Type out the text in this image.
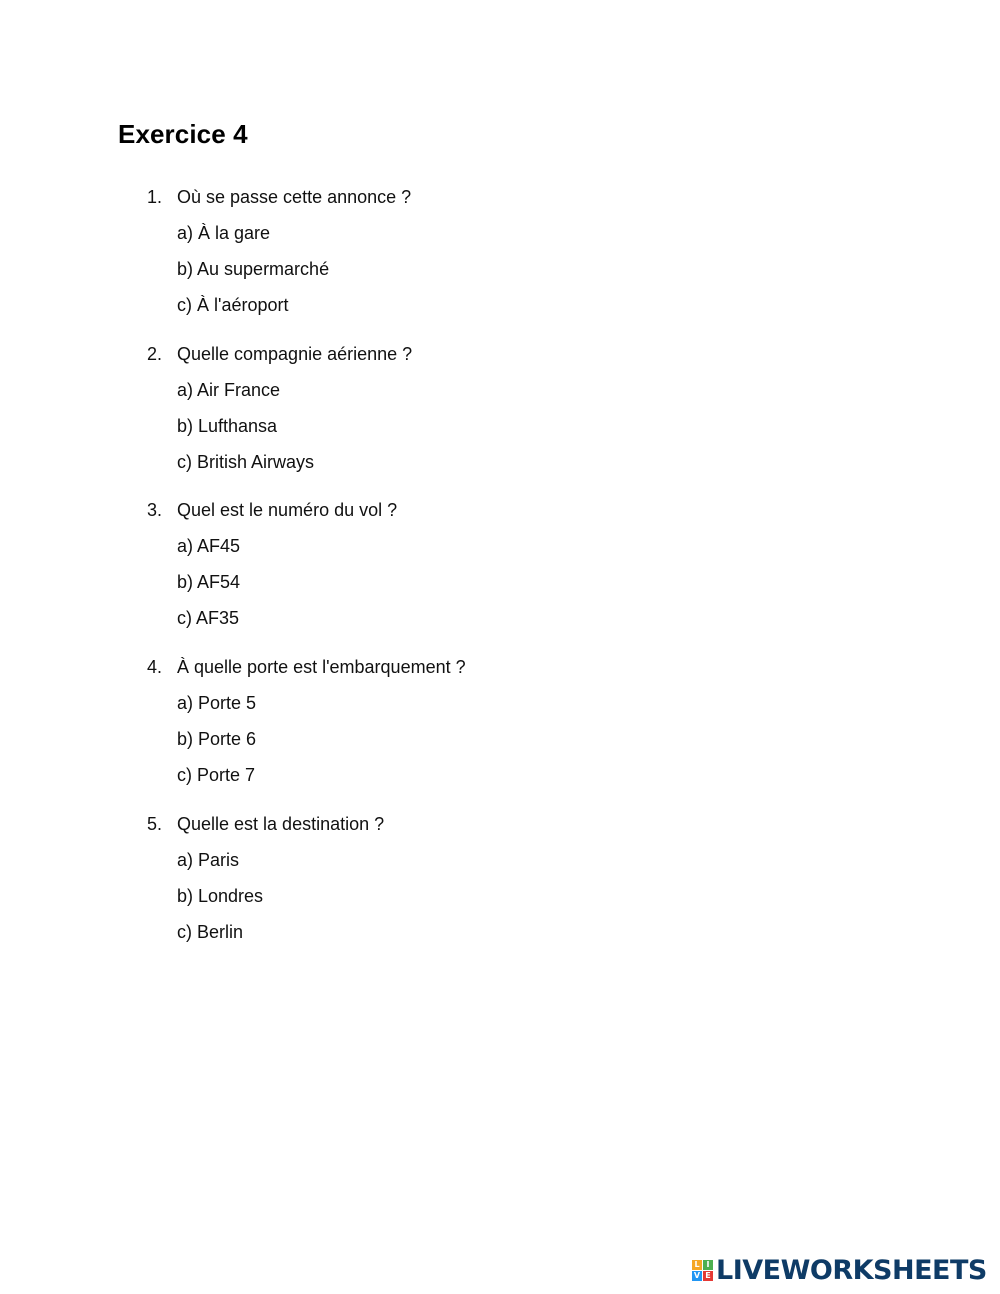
Exercice 4
1. Où se passe cette annonce ?
a) À la gare
b) Au supermarché
c) À l'aéroport
2. Quelle compagnie aérienne ?
a) Air France
b) Lufthansa
c) British Airways
3. Quel est le numéro du vol ?
a) AF45
b) AF54
c) AF35
4. À quelle porte est l'embarquement ?
a) Porte 5
b) Porte 6
c) Porte 7
5. Quelle est la destination ?
a) Paris
b) Londres
c) Berlin
L I
V E LIVEWORKSHEETS
